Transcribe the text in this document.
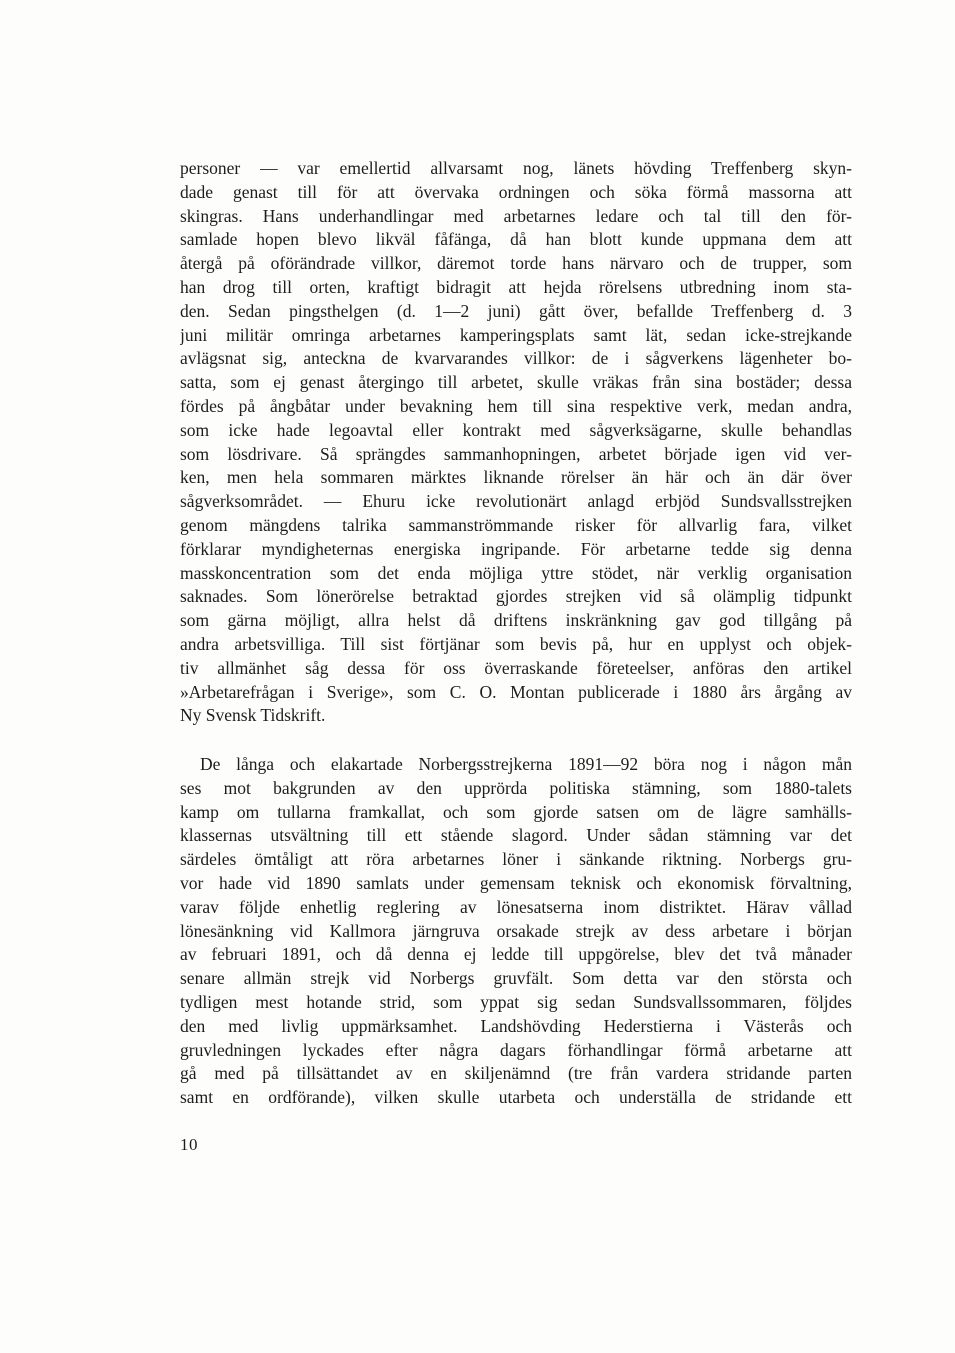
personer — var emellertid allvarsamt nog, länets hövding Treffenberg skyn-
dade genast till för att övervaka ordningen och söka förmå massorna att
skingras. Hans underhandlingar med arbetarnes ledare och tal till den för-
samlade hopen blevo likväl fåfänga, då han blott kunde uppmana dem att
återgå på oförändrade villkor, däremot torde hans närvaro och de trupper, som
han drog till orten, kraftigt bidragit att hejda rörelsens utbredning inom sta-
den. Sedan pingsthelgen (d. 1—2 juni) gått över, befallde Treffenberg d. 3
juni militär omringa arbetarnes kamperingsplats samt lät, sedan icke-strejkande
avlägsnat sig, anteckna de kvarvarandes villkor: de i sågverkens lägenheter bo-
satta, som ej genast återgingo till arbetet, skulle vräkas från sina bostäder; dessa
fördes på ångbåtar under bevakning hem till sina respektive verk, medan andra,
som icke hade legoavtal eller kontrakt med sågverksägarne, skulle behandlas
som lösdrivare. Så sprängdes sammanhopningen, arbetet började igen vid ver-
ken, men hela sommaren märktes liknande rörelser än här och än där över
sågverksområdet. — Ehuru icke revolutionärt anlagd erbjöd Sundsvallsstrejken
genom mängdens talrika sammanströmmande risker för allvarlig fara, vilket
förklarar myndigheternas energiska ingripande. För arbetarne tedde sig denna
masskoncentration som det enda möjliga yttre stödet, när verklig organisation
saknades. Som lönerörelse betraktad gjordes strejken vid så olämplig tidpunkt
som gärna möjligt, allra helst då driftens inskränkning gav god tillgång på
andra arbetsvilliga. Till sist förtjänar som bevis på, hur en upplyst och objek-
tiv allmänhet såg dessa för oss överraskande företeelser, anföras den artikel
»Arbetarefrågan i Sverige», som C. O. Montan publicerade i 1880 års årgång av
Ny Svensk Tidskrift.
De långa och elakartade Norbergsstrejkerna 1891—92 böra nog i någon mån
ses mot bakgrunden av den upprörda politiska stämning, som 1880-talets
kamp om tullarna framkallat, och som gjorde satsen om de lägre samhälls-
klassernas utsvältning till ett stående slagord. Under sådan stämning var det
särdeles ömtåligt att röra arbetarnes löner i sänkande riktning. Norbergs gru-
vor hade vid 1890 samlats under gemensam teknisk och ekonomisk förvaltning,
varav följde enhetlig reglering av lönesatserna inom distriktet. Härav vållad
lönesänkning vid Kallmora järngruva orsakade strejk av dess arbetare i början
av februari 1891, och då denna ej ledde till uppgörelse, blev det två månader
senare allmän strejk vid Norbergs gruvfält. Som detta var den största och
tydligen mest hotande strid, som yppat sig sedan Sundsvallssommaren, följdes
den med livlig uppmärksamhet. Landshövding Hederstierna i Västerås och
gruvledningen lyckades efter några dagars förhandlingar förmå arbetarne att
gå med på tillsättandet av en skiljenämnd (tre från vardera stridande parten
samt en ordförande), vilken skulle utarbeta och underställa de stridande ett
10
